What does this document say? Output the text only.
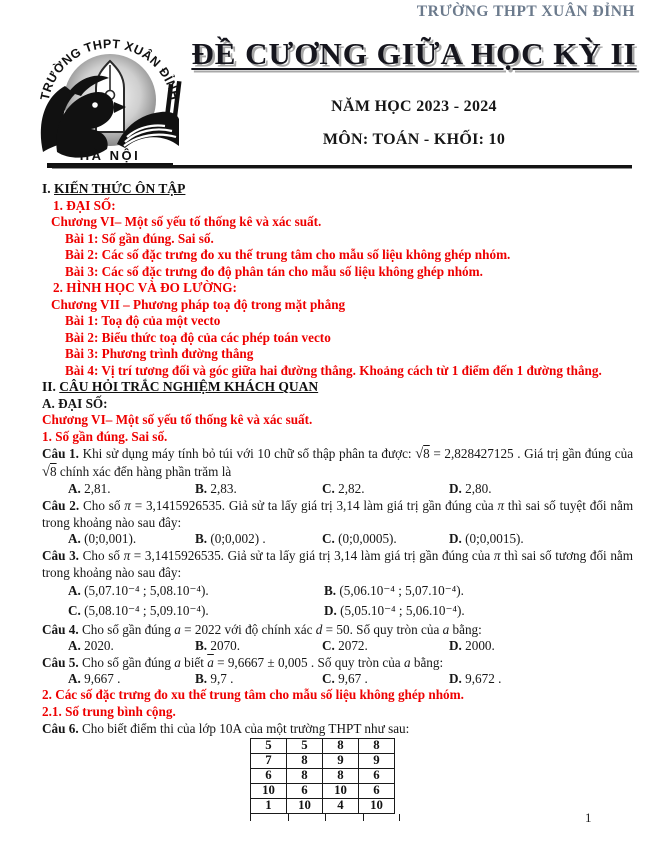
TRƯỜNG THPT XUÂN ĐỈNH
TRƯỜNG THPT XUÂN ĐỈNH
HÀ NỘI
ĐỀ CƯƠNG GIỮA HỌC KỲ II
NĂM HỌC 2023 - 2024
MÔN: TOÁN - KHỐI: 10
I. KIẾN THỨC ÔN TẬP
1. ĐẠI SỐ:
Chương VI– Một số yếu tố thống kê và xác suất.
Bài 1: Số gần đúng. Sai số.
Bài 2: Các số đặc trưng đo xu thế trung tâm cho mẫu số liệu không ghép nhóm.
Bài 3: Các số đặc trưng đo độ phân tán cho mẫu số liệu không ghép nhóm.
2. HÌNH HỌC VÀ ĐO LƯỜNG:
Chương VII – Phương pháp toạ độ trong mặt phẳng
Bài 1: Toạ độ của một vecto
Bài 2: Biểu thức toạ độ của các phép toán vecto
Bài 3: Phương trình đường thẳng
Bài 4: Vị trí tương đối và góc giữa hai đường thẳng. Khoảng cách từ 1 điểm đến 1 đường thẳng.
II. CÂU HỎI TRẮC NGHIỆM KHÁCH QUAN
A. ĐẠI SỐ:
Chương VI– Một số yếu tố thống kê và xác suất.
1. Số gần đúng. Sai số.

Câu 1. Khi sử dụng máy tính bỏ túi với 10 chữ số thập phân ta được: √8 = 2,828427125 . Giá trị gần đúng của √8 chính xác đến hàng phần trăm là

A. 2,81.	B. 2,83.	C. 2,82.	D. 2,80.

Câu 2. Cho số π = 3,1415926535. Giả sử ta lấy giá trị 3,14 làm giá trị gần đúng của π thì sai số tuyệt đối nằm trong khoảng nào sau đây:

A. (0;0,001).	B. (0;0,002) .	C. (0;0,0005).	D. (0;0,0015).

Câu 3. Cho số π = 3,1415926535. Giả sử ta lấy giá trị 3,14 làm giá trị gần đúng của π thì sai số tương đối nằm trong khoảng nào sau đây:

A. (5,07.10⁻⁴ ; 5,08.10⁻⁴).	B. (5,06.10⁻⁴ ; 5,07.10⁻⁴).
C. (5,08.10⁻⁴ ; 5,09.10⁻⁴).	D. (5,05.10⁻⁴ ; 5,06.10⁻⁴).

Câu 4. Cho số gần đúng a = 2022 với độ chính xác d = 50. Số quy tròn của a bằng:

A. 2020.	B. 2070.	C. 2072.	D. 2000.

Câu 5. Cho số gần đúng a biết $\overline{a} = 9,6667 \pm 0,005$ . Số quy tròn của a bằng:

A. 9,667 .	B. 9,7 .	C. 9,67 .	D. 9,672 .
2. Các số đặc trưng đo xu thế trung tâm cho mẫu số liệu không ghép nhóm.
2.1. Số trung bình cộng.

Câu 6. Cho biết điểm thi của lớp 10A của một trường THPT như sau:

5	5	8	8
7	8	9	9
6	8	8	6
10	6	10	6
1	10	4	10
1
